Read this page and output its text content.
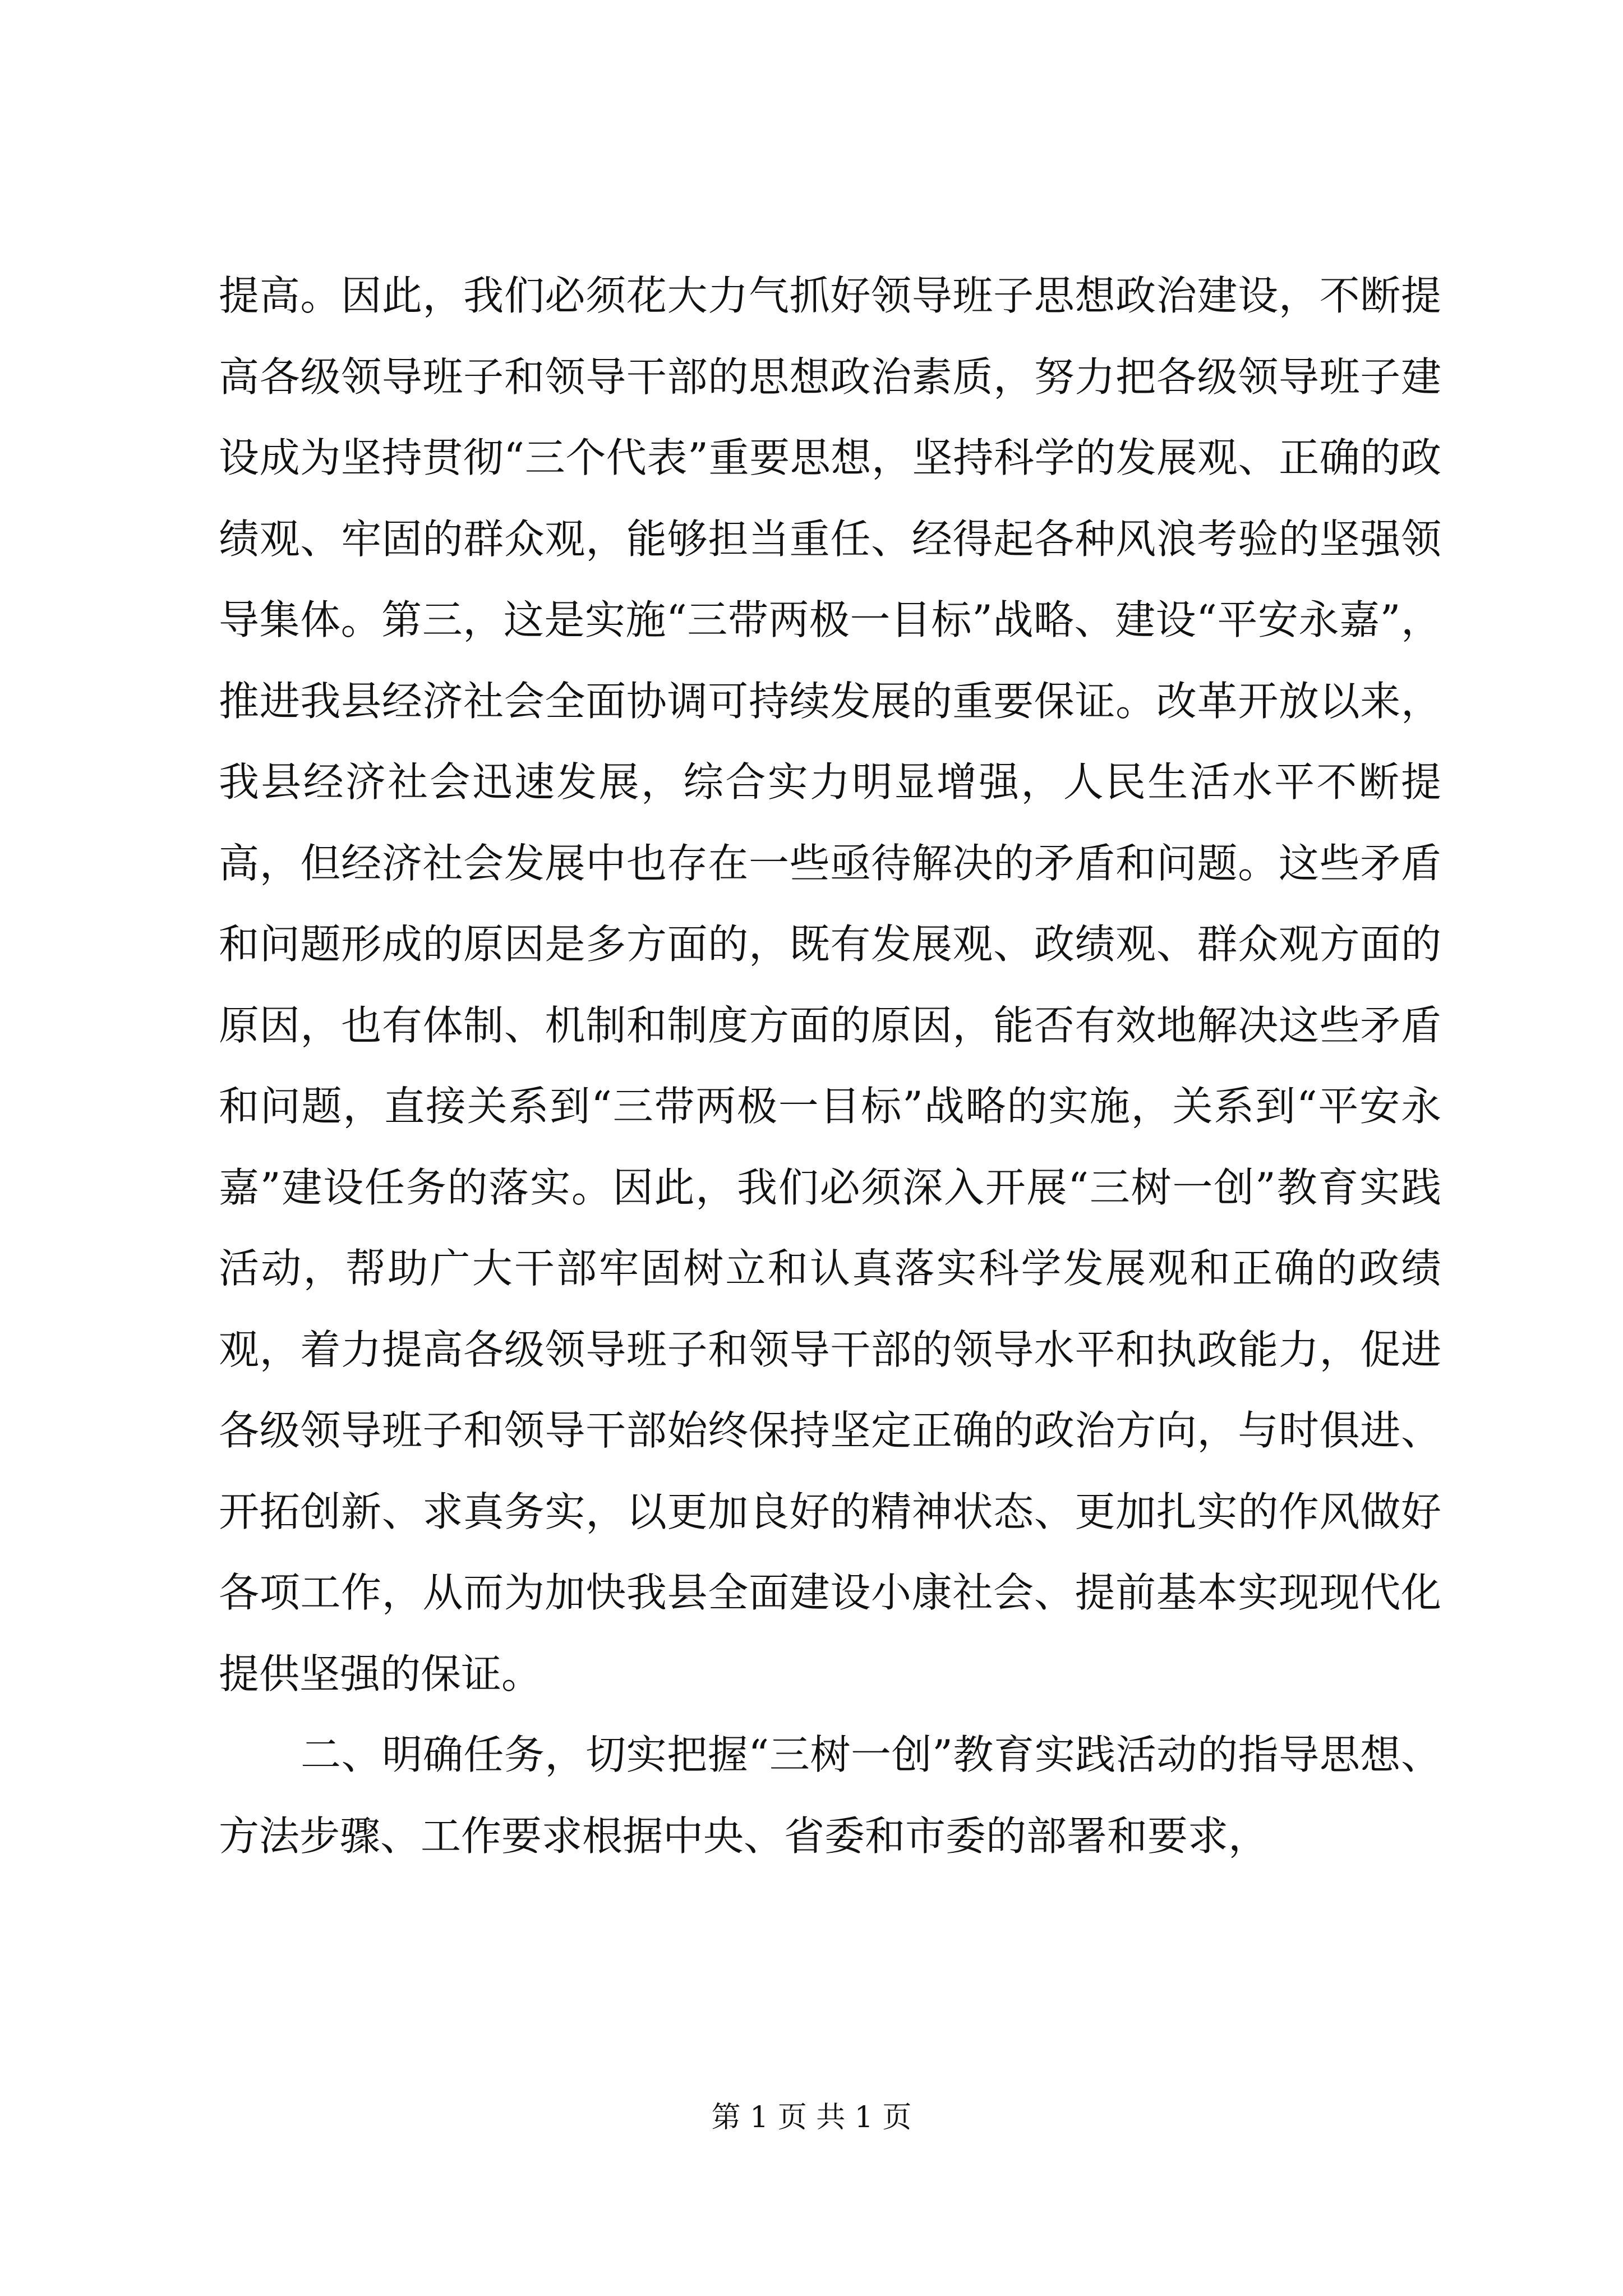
提高。因此，我们必须花大力气抓好领导班子思想政治建设，不断提高各级领导班子和领导干部的思想政治素质，努力把各级领导班子建设成为坚持贯彻“三个代表”重要思想，坚持科学的发展观、正确的政绩观、牢固的群众观，能够担当重任、经得起各种风浪考验的坚强领导集体。第三，这是实施“三带两极一目标”战略、建设“平安永嘉”，推进我县经济社会全面协调可持续发展的重要保证。改革开放以来，我县经济社会迅速发展，综合实力明显增强，人民生活水平不断提高，但经济社会发展中也存在一些亟待解决的矛盾和问题。这些矛盾和问题形成的原因是多方面的，既有发展观、政绩观、群众观方面的原因，也有体制、机制和制度方面的原因，能否有效地解决这些矛盾和问题，直接关系到“三带两极一目标”战略的实施，关系到“平安永嘉”建设任务的落实。因此，我们必须深入开展“三树一创”教育实践活动，帮助广大干部牢固树立和认真落实科学发展观和正确的政绩观，着力提高各级领导班子和领导干部的领导水平和执政能力，促进各级领导班子和领导干部始终保持坚定正确的政治方向，与时俱进、开拓创新、求真务实，以更加良好的精神状态、更加扎实的作风做好各项工作，从而为加快我县全面建设小康社会、提前基本实现现代化提供坚强的保证。

二、明确任务，切实把握“三树一创”教育实践活动的指导思想、方法步骤、工作要求根据中央、省委和市委的部署和要求，

第 1 页 共 1 页
